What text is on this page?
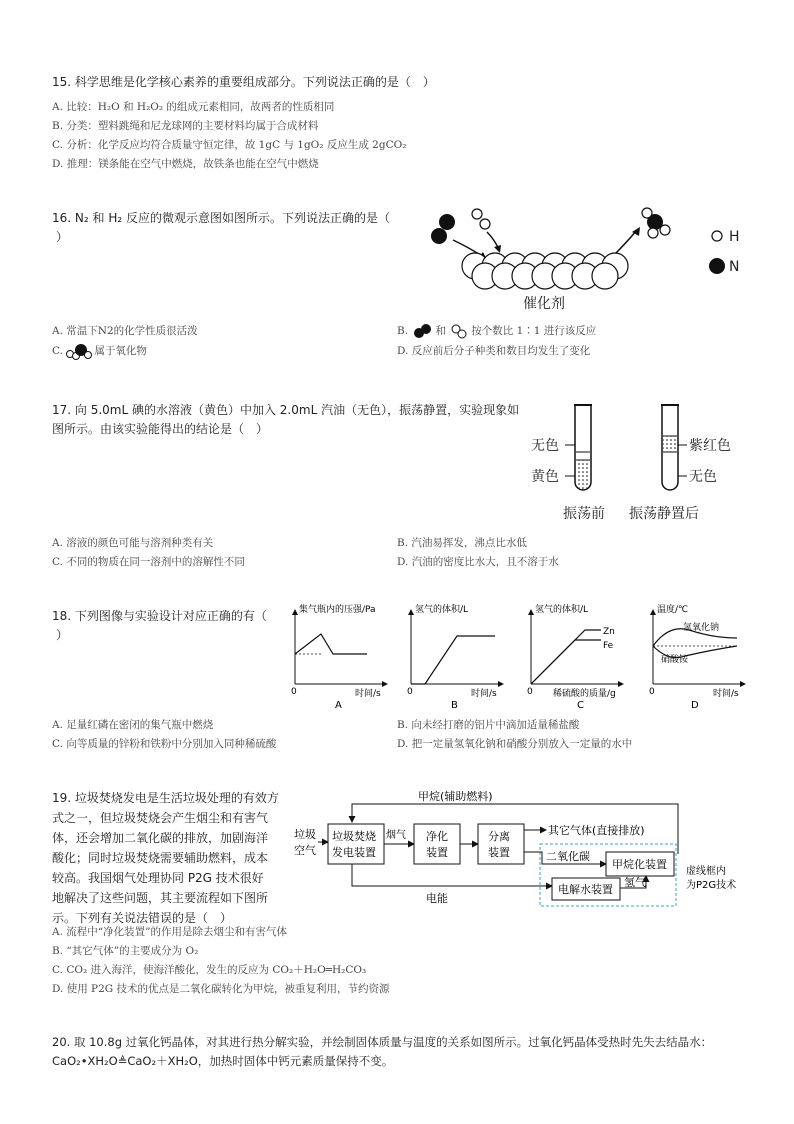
15. 科学思维是化学核心素养的重要组成部分。下列说法正确的是（　）
A. 比较：H₂O 和 H₂O₂ 的组成元素相同，故两者的性质相同
B. 分类：塑料跳绳和尼龙球网的主要材料均属于合成材料
C. 分析：化学反应均符合质量守恒定律，故 1gC 与 1gO₂ 反应生成 2gCO₂
D. 推理：镁条能在空气中燃烧，故铁条也能在空气中燃烧
16. N₂ 和 H₂ 反应的微观示意图如图所示。下列说法正确的是（
）
催化剂
H
N
A. 常温下N2的化学性质很活泼	B.	和 按个数比 1∶1 进行该反应
C.	属于氧化物	D. 反应前后分子种类和数目均发生了变化
17. 向 5.0mL 碘的水溶液（黄色）中加入 2.0mL 汽油（无色），振荡静置，实验现象如
图所示。由该实验能得出的结论是（　）
无色
黄色
振荡前
紫红色
无色
振荡静置后
A. 溶液的颜色可能与溶剂种类有关	B. 汽油易挥发，沸点比水低
C. 不同的物质在同一溶剂中的溶解性不同	D. 汽油的密度比水大，且不溶于水
18. 下列图像与实验设计对应正确的有（
）
集气瓶内的压强/Pa
时间/s
0
A
氢气的体积/L
时间/s
0
B
氢气的体积/L
Zn
Fe
稀硫酸的质量/g
0
C
温度/℃
氢氧化钠
硝酸铵
时间/s
0
D
A. 足量红磷在密闭的集气瓶中燃烧	B. 向未经打磨的铝片中滴加适量稀盐酸
C. 向等质量的锌粉和铁粉中分别加入同种稀硫酸	D. 把一定量氢氧化钠和硝酸分别放入一定量的水中
19. 垃圾焚烧发电是生活垃圾处理的有效方
式之一，但垃圾焚烧会产生烟尘和有害气
体，还会增加二氧化碳的排放，加剧海洋
酸化；同时垃圾焚烧需要辅助燃料，成本
较高。我国烟气处理协同 P2G 技术很好
地解决了这些问题，其主要流程如下图所
示。下列有关说法错误的是（　）
甲烷(辅助燃料)
垃圾
空气
垃圾焚烧
发电装置
烟气 净化
装置
分离
装置
其它气体(直接排放)
二氧化碳
甲烷化装置
电能
电解水装置
氢气
虚线框内
为P2G技术
A. 流程中“净化装置”的作用是除去烟尘和有害气体
B. “其它气体”的主要成分为 O₂
C. CO₂ 进入海洋，使海洋酸化，发生的反应为 CO₂＋H₂O═H₂CO₃
D. 使用 P2G 技术的优点是二氧化碳转化为甲烷，被重复利用，节约资源
20. 取 10.8g 过氧化钙晶体，对其进行热分解实验，并绘制固体质量与温度的关系如图所示。过氧化钙晶体受热时先失去结晶水：
CaO₂•XH₂O≜CaO₂＋XH₂O，加热时固体中钙元素质量保持不变。
